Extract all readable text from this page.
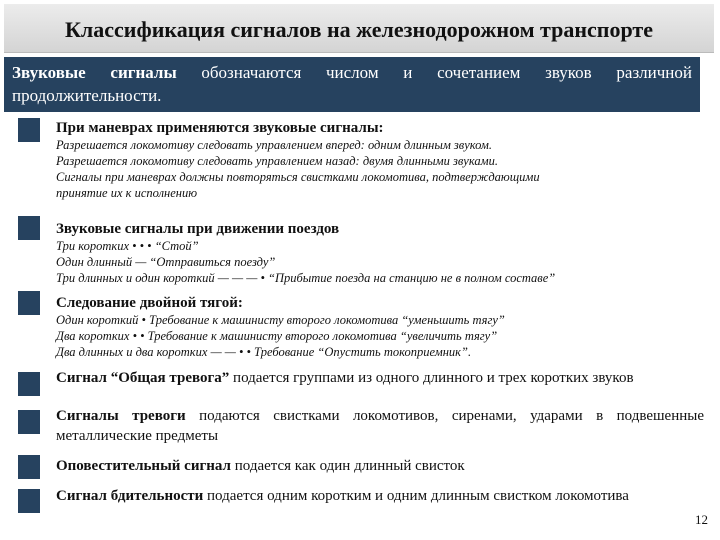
Классификация сигналов на железнодорожном транспорте
Звуковые сигналы обозначаются числом и сочетанием звуков различной продолжительности.
При маневрах применяются звуковые сигналы:
Разрешается локомотиву следовать управлением вперед: одним длинным звуком.
Разрешается локомотиву следовать управлением назад: двумя длинными звуками.
Сигналы при маневрах должны повторяться свистками локомотива, подтверждающими
принятие их к исполнению
Звуковые сигналы при движении поездов
Три коротких • • • “Стой”
Один длинный — “Отправиться поезду”
Три длинных и один короткий — — — • “Прибытие поезда на станцию не в полном составе”
Следование двойной тягой:
Один короткий • Требование к машинисту второго локомотива “уменьшить тягу”
Два коротких • • Требование к машинисту второго локомотива “увеличить тягу”
Два длинных и два коротких — — • • Требование “Опустить токоприемник”.
Сигнал “Общая тревога” подается группами из одного длинного и трех коротких звуков
Сигналы тревоги подаются свистками локомотивов, сиренами, ударами в подвешенные металлические предметы
Оповестительный сигнал подается как один длинный свисток
Сигнал бдительности подается одним коротким и одним длинным свистком локомотива
12
